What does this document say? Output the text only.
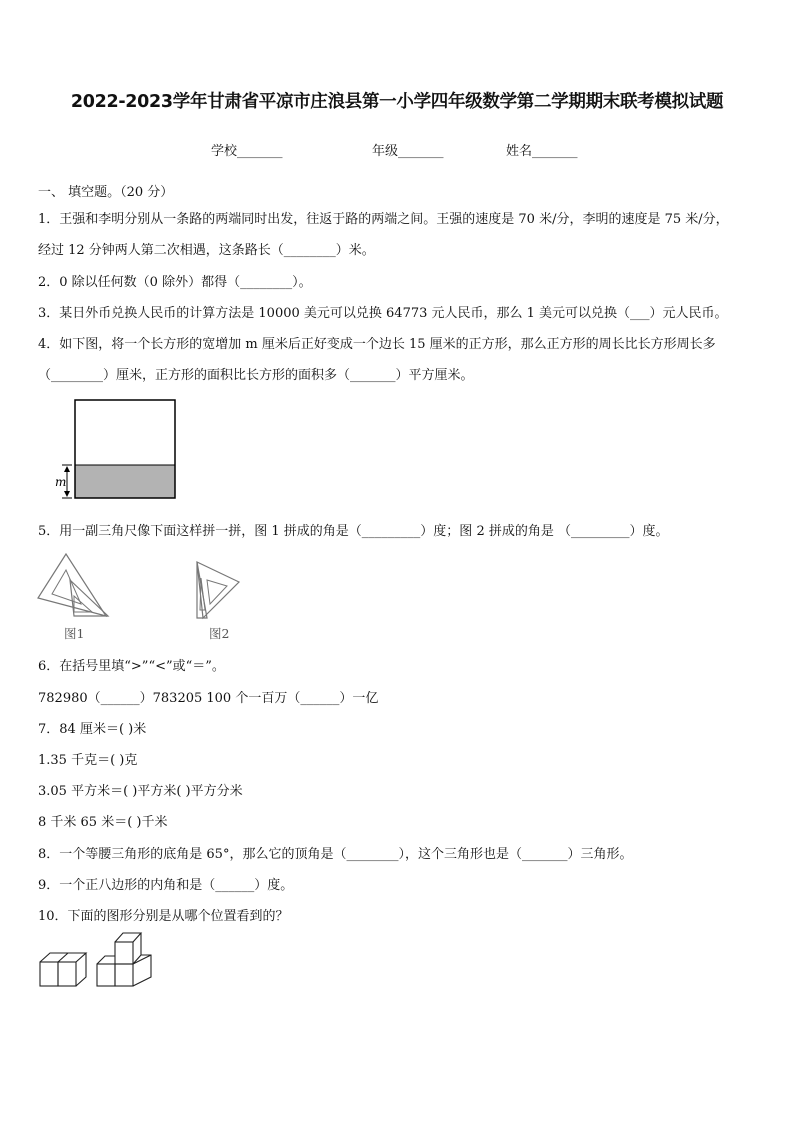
2022-2023学年甘肃省平凉市庄浪县第一小学四年级数学第二学期期末联考模拟试题
学校_______	年级_______	姓名_______
一、 填空题。（20 分）
1．王强和李明分别从一条路的两端同时出发，往返于路的两端之间。王强的速度是 70 米/分，李明的速度是 75 米/分，
经过 12 分钟两人第二次相遇，这条路长（________）米。
2．0 除以任何数（0 除外）都得（________）。
3．某日外币兑换人民币的计算方法是 10000 美元可以兑换 64773 元人民币，那么 1 美元可以兑换（___）元人民币。
4．如下图，将一个长方形的宽增加 m 厘米后正好变成一个边长 15 厘米的正方形，那么正方形的周长比长方形周长多
（________）厘米，正方形的面积比长方形的面积多（_______）平方厘米。
m
5．用一副三角尺像下面这样拼一拼，图 1 拼成的角是（_________）度；图 2 拼成的角是 （_________）度。
图1	图2
6．在括号里填“>”“<”或“＝”。
782980（______）783205 100 个一百万（______）一亿
7．84 厘米＝( )米
1.35 千克＝( )克
3.05 平方米＝( )平方米( )平方分米
8 千米 65 米＝( )千米
8．一个等腰三角形的底角是 65°，那么它的顶角是（________），这个三角形也是（_______）三角形。
9．一个正八边形的内角和是（______）度。
10．下面的图形分别是从哪个位置看到的？
